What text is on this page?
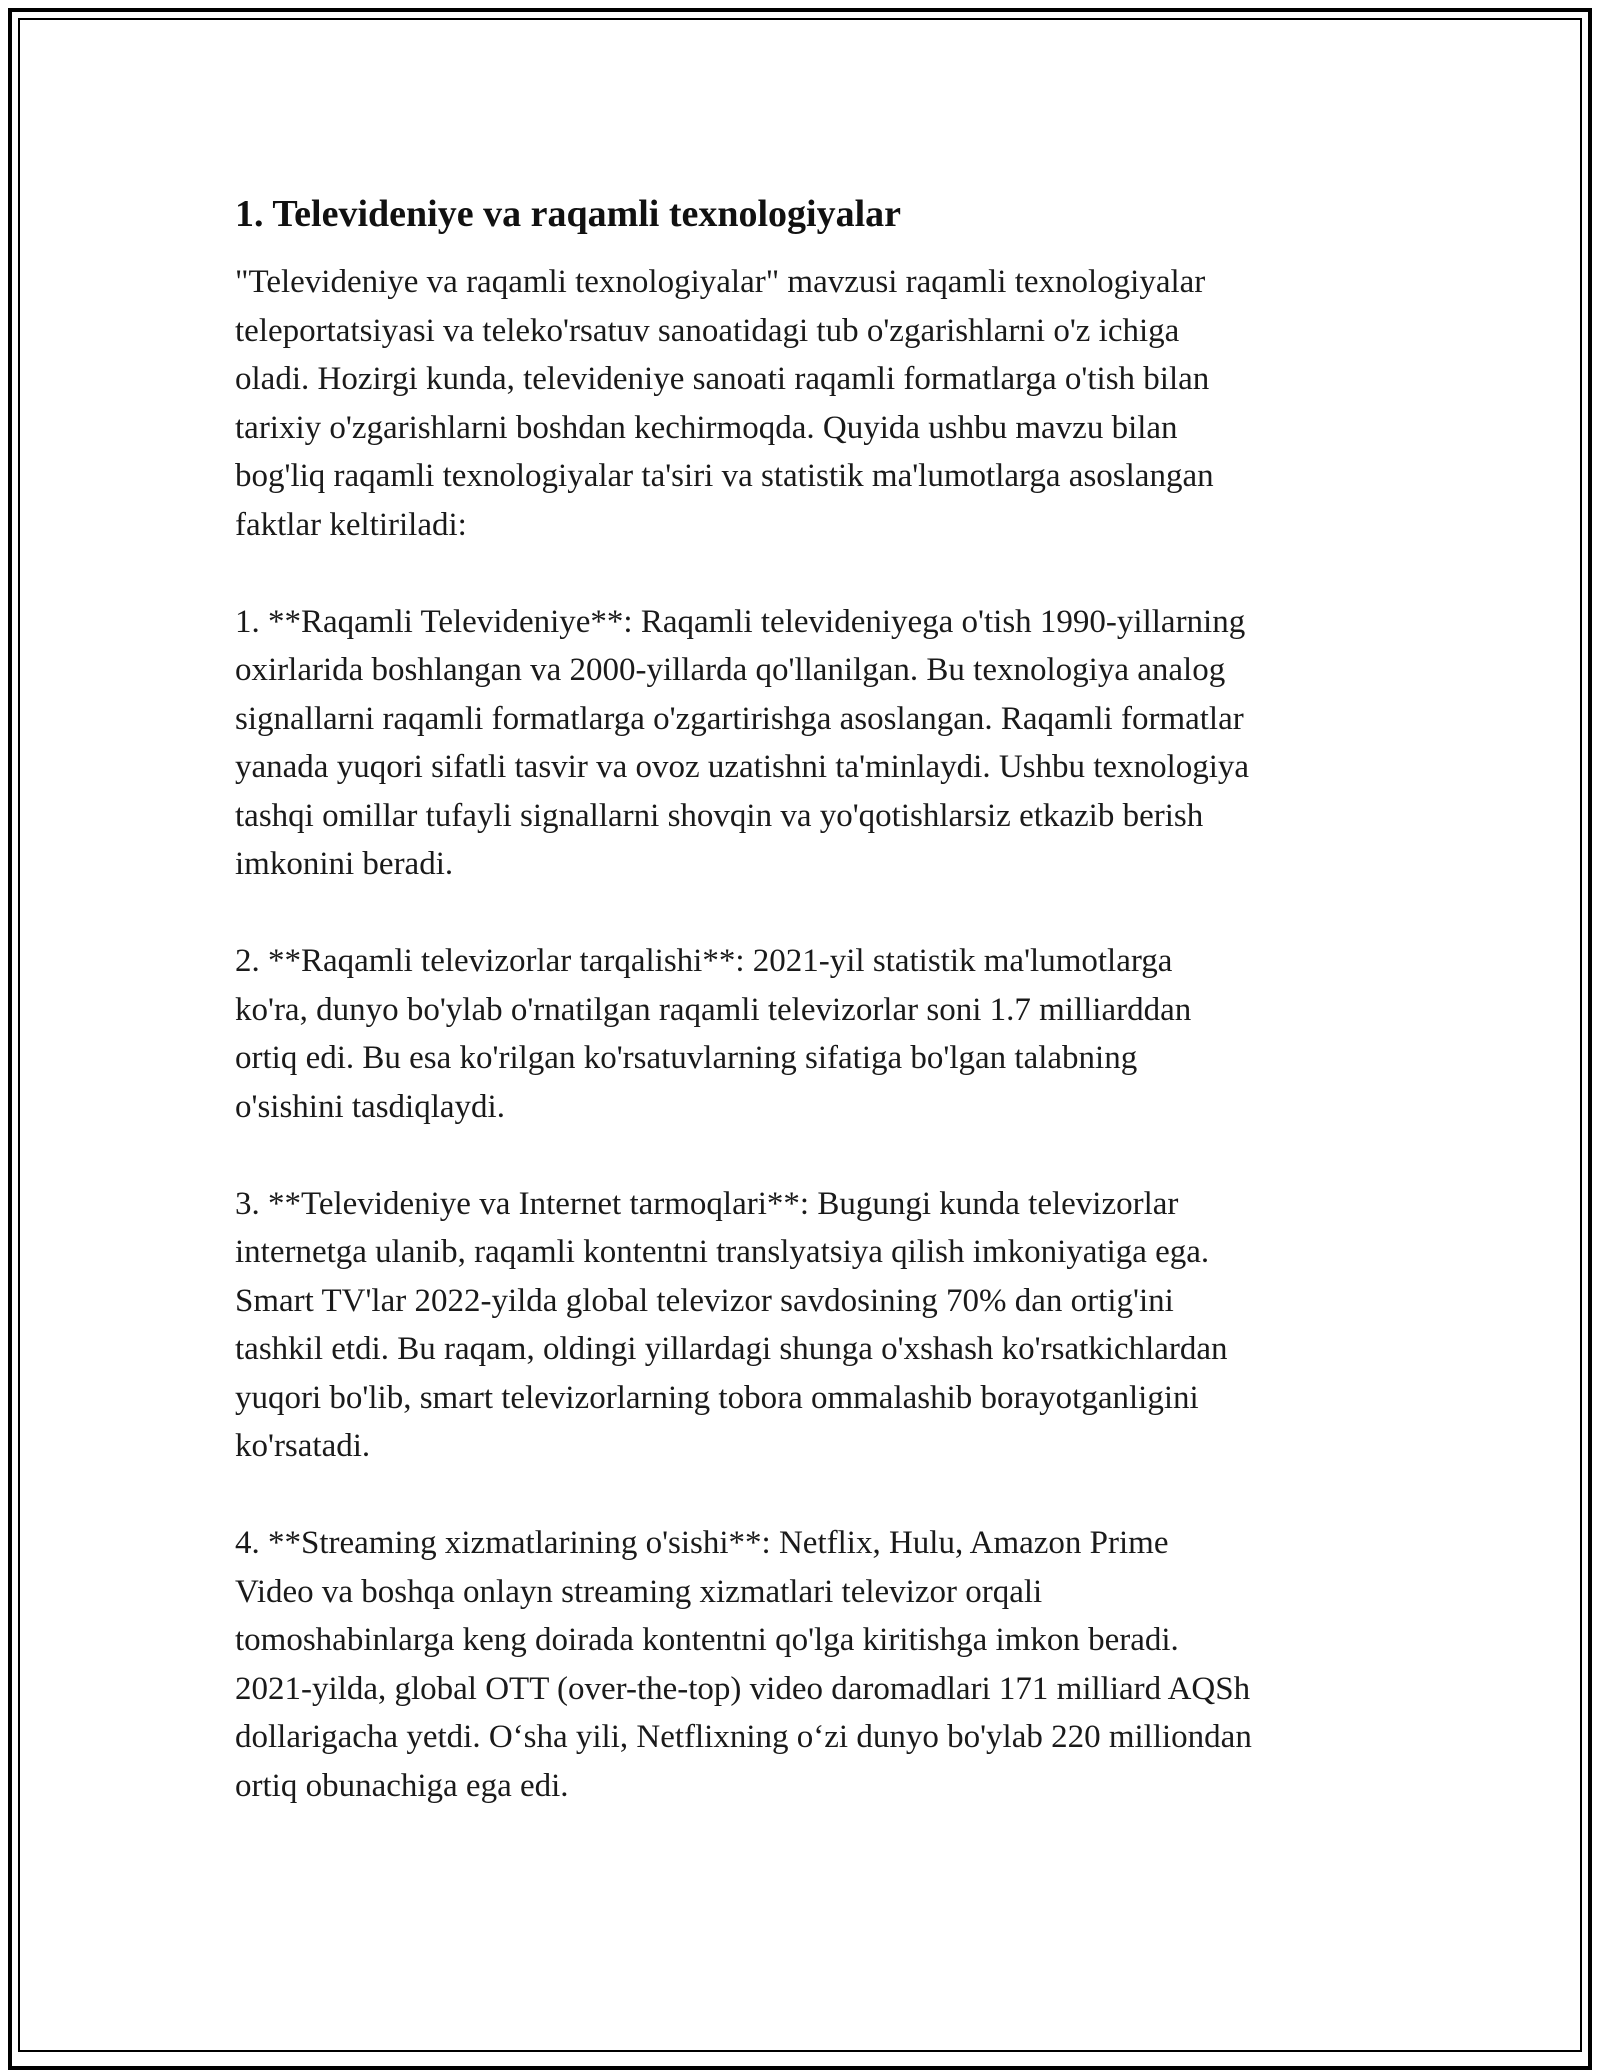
1. Televideniye va raqamli texnologiyalar

"Televideniye va raqamli texnologiyalar" mavzusi raqamli texnologiyalar
teleportatsiyasi va teleko'rsatuv sanoatidagi tub o'zgarishlarni o'z ichiga
oladi. Hozirgi kunda, televideniye sanoati raqamli formatlarga o'tish bilan
tarixiy o'zgarishlarni boshdan kechirmoqda. Quyida ushbu mavzu bilan
bog'liq raqamli texnologiyalar ta'siri va statistik ma'lumotlarga asoslangan
faktlar keltiriladi:

1. **Raqamli Televideniye**: Raqamli televideniyega o'tish 1990-yillarning
oxirlarida boshlangan va 2000-yillarda qo'llanilgan. Bu texnologiya analog
signallarni raqamli formatlarga o'zgartirishga asoslangan. Raqamli formatlar
yanada yuqori sifatli tasvir va ovoz uzatishni ta'minlaydi. Ushbu texnologiya
tashqi omillar tufayli signallarni shovqin va yo'qotishlarsiz etkazib berish
imkonini beradi.

2. **Raqamli televizorlar tarqalishi**: 2021-yil statistik ma'lumotlarga
ko'ra, dunyo bo'ylab o'rnatilgan raqamli televizorlar soni 1.7 milliarddan
ortiq edi. Bu esa ko'rilgan ko'rsatuvlarning sifatiga bo'lgan talabning
o'sishini tasdiqlaydi.

3. **Televideniye va Internet tarmoqlari**: Bugungi kunda televizorlar
internetga ulanib, raqamli kontentni translyatsiya qilish imkoniyatiga ega.
Smart TV'lar 2022-yilda global televizor savdosining 70% dan ortig'ini
tashkil etdi. Bu raqam, oldingi yillardagi shunga o'xshash ko'rsatkichlardan
yuqori bo'lib, smart televizorlarning tobora ommalashib borayotganligini
ko'rsatadi.

4. **Streaming xizmatlarining o'sishi**: Netflix, Hulu, Amazon Prime
Video va boshqa onlayn streaming xizmatlari televizor orqali
tomoshabinlarga keng doirada kontentni qo'lga kiritishga imkon beradi.
2021-yilda, global OTT (over-the-top) video daromadlari 171 milliard AQSh
dollarigacha yetdi. O‘sha yili, Netflixning o‘zi dunyo bo'ylab 220 milliondan
ortiq obunachiga ega edi.
